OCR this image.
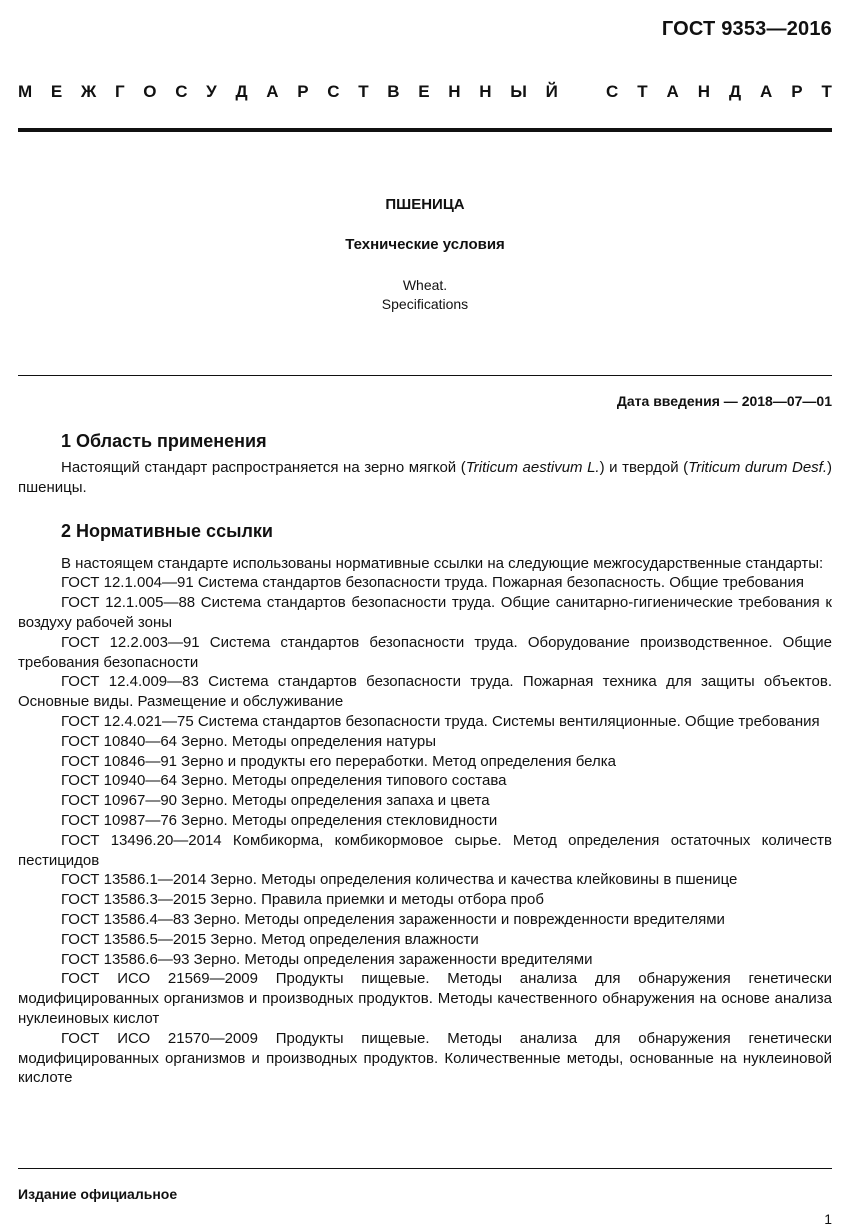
ГОСТ 9353—2016
М Е Ж Г О С У Д А Р С Т В Е Н Н Ы Й	С Т А Н Д А Р Т
ПШЕНИЦА
Технические условия
Wheat.
Specifications
Дата введения — 2018—07—01
1 Область применения

Настоящий стандарт распространяется на зерно мягкой (Triticum aestivum L.) и твердой (Triticum durum Desf.) пшеницы.

2 Нормативные ссылки

В настоящем стандарте использованы нормативные ссылки на следующие межгосударственные стандарты:

ГОСТ 12.1.004—91 Система стандартов безопасности труда. Пожарная безопасность. Общие требования

ГОСТ 12.1.005—88 Система стандартов безопасности труда. Общие санитарно-гигиенические требования к воздуху рабочей зоны

ГОСТ 12.2.003—91 Система стандартов безопасности труда. Оборудование производственное. Общие требования безопасности

ГОСТ 12.4.009—83 Система стандартов безопасности труда. Пожарная техника для защиты объектов. Основные виды. Размещение и обслуживание

ГОСТ 12.4.021—75 Система стандартов безопасности труда. Системы вентиляционные. Общие требования

ГОСТ 10840—64 Зерно. Методы определения натуры

ГОСТ 10846—91 Зерно и продукты его переработки. Метод определения белка

ГОСТ 10940—64 Зерно. Методы определения типового состава

ГОСТ 10967—90 Зерно. Методы определения запаха и цвета

ГОСТ 10987—76 Зерно. Методы определения стекловидности

ГОСТ 13496.20—2014 Комбикорма, комбикормовое сырье. Метод определения остаточных количеств пестицидов

ГОСТ 13586.1—2014 Зерно. Методы определения количества и качества клейковины в пшенице

ГОСТ 13586.3—2015 Зерно. Правила приемки и методы отбора проб

ГОСТ 13586.4—83 Зерно. Методы определения зараженности и поврежденности вредителями

ГОСТ 13586.5—2015 Зерно. Метод определения влажности

ГОСТ 13586.6—93 Зерно. Методы определения зараженности вредителями

ГОСТ ИСО 21569—2009 Продукты пищевые. Методы анализа для обнаружения генетически модифицированных организмов и производных продуктов. Методы качественного обнаружения на основе анализа нуклеиновых кислот

ГОСТ ИСО 21570—2009 Продукты пищевые. Методы анализа для обнаружения генетически модифицированных организмов и производных продуктов. Количественные методы, основанные на нуклеиновой кислоте

Издание официальное
1
